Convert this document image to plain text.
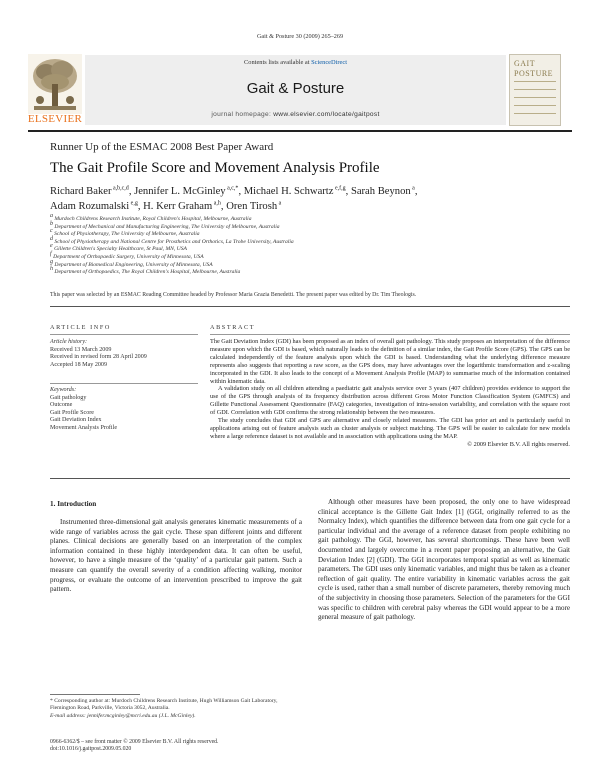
Gait & Posture 30 (2009) 265–269
Contents lists available at ScienceDirect
Gait & Posture
journal homepage: www.elsevier.com/locate/gaitpost
ELSEVIER
GAIT
POSTURE
Runner Up of the ESMAC 2008 Best Paper Award
The Gait Profile Score and Movement Analysis Profile
Richard Baker $^{a,b,c,d}$, Jennifer L. McGinley $^{a,c,*}$, Michael H. Schwartz $^{e,f,g}$, Sarah Beynon $^a$,
Adam Rozumalski $^{e,g}$, H. Kerr Graham $^{a,h}$, Oren Tirosh $^a$
$^a$ Murdoch Childrens Research Institute, Royal Children's Hospital, Melbourne, Australia
$^b$ Department of Mechanical and Manufacturing Engineering, The University of Melbourne, Australia
$^c$ School of Physiotherapy, The University of Melbourne, Australia
$^d$ School of Physiotherapy and National Centre for Prosthetics and Orthotics, La Trobe University, Australia
$^e$ Gillette Children's Specialty Healthcare, St Paul, MN, USA
$^f$ Department of Orthopaedic Surgery, University of Minnesota, USA
$^g$ Department of Biomedical Engineering, University of Minnesota, USA
$^h$ Department of Orthopaedics, The Royal Children's Hospital, Melbourne, Australia
This paper was selected by an ESMAC Reading Committee headed by Professor Maria Grazia Benedetti. The present paper was edited by Dr. Tim Theologis.
ARTICLE INFO	ABSTRACT
Article history:
Received 13 March 2009
Received in revised form 28 April 2009
Accepted 18 May 2009
Keywords:
Gait pathology
Outcome
Gait Profile Score
Gait Deviation Index
Movement Analysis Profile

The Gait Deviation Index (GDI) has been proposed as an index of overall gait pathology. This study proposes an interpretation of the difference measure upon which the GDI is based, which naturally leads to the definition of a similar index, the Gait Profile Score (GPS). The GPS can be calculated independently of the feature analysis upon which the GDI is based. Understanding what the underlying difference measure represents also suggests that reporting a raw score, as the GPS does, may have advantages over the logarithmic transformation and z-scaling incorporated in the GDI. It also leads to the concept of a Movement Analysis Profile (MAP) to summarise much of the information contained within kinematic data.

A validation study on all children attending a paediatric gait analysis service over 3 years (407 children) provides evidence to support the use of the GPS through analysis of its frequency distribution across different Gross Motor Function Classification System (GMFCS) and Gillette Functional Assessment Questionnaire (FAQ) categories, investigation of intra-session variability, and correlation with the square root of GDI. Correlation with GDI confirms the strong relationship between the two measures.

The study concludes that GDI and GPS are alternative and closely related measures. The GDI has prior art and is particularly useful in applications arising out of feature analysis such as cluster analysis or subject matching. The GPS will be easier to calculate for new models where a large reference dataset is not available and in association with applications using the MAP.

© 2009 Elsevier B.V. All rights reserved.

1. Introduction

Instrumented three-dimensional gait analysis generates kinematic measurements of a wide range of variables across the gait cycle. These span different joints and different planes. Clinical decisions are generally based on an interpretation of the complex information contained in these highly interdependent data. It can often be useful, however, to have a single measure of the ‘quality’ of a particular gait pattern. Such a measure can quantify the overall severity of a condition affecting walking, monitor progress, or evaluate the outcome of an intervention prescribed to improve the gait pattern.

Although other measures have been proposed, the only one to have widespread clinical acceptance is the Gillette Gait Index [1] (GGI, originally referred to as the Normalcy Index), which quantifies the difference between data from one gait cycle for a particular individual and the average of a reference dataset from people exhibiting no gait pathology. The GGI, however, has several shortcomings. These have been well documented and largely overcome in a recent paper proposing an alternative, the Gait Deviation Index [2] (GDI). The GGI incorporates temporal spatial as well as kinematic parameters. The GDI uses only kinematic variables, and might thus be taken as a cleaner reflection of gait quality. The entire variability in kinematic variables across the gait cycle is used, rather than a small number of discrete parameters, thereby removing much of the subjectivity in choosing those parameters. Selection of the parameters for the GGI was specific to children with cerebral palsy whereas the GDI would appear to be a more general measure of gait pathology.

* Corresponding author at: Murdoch Childrens Research Institute, Hugh Williamson Gait Laboratory, Flemington Road, Parkville, Victoria 3052, Australia.

E-mail address: jennifer.mcginley@mcri.edu.au (J.L. McGinley).

0966-6362/$ – see front matter © 2009 Elsevier B.V. All rights reserved.
doi:10.1016/j.gaitpost.2009.05.020
